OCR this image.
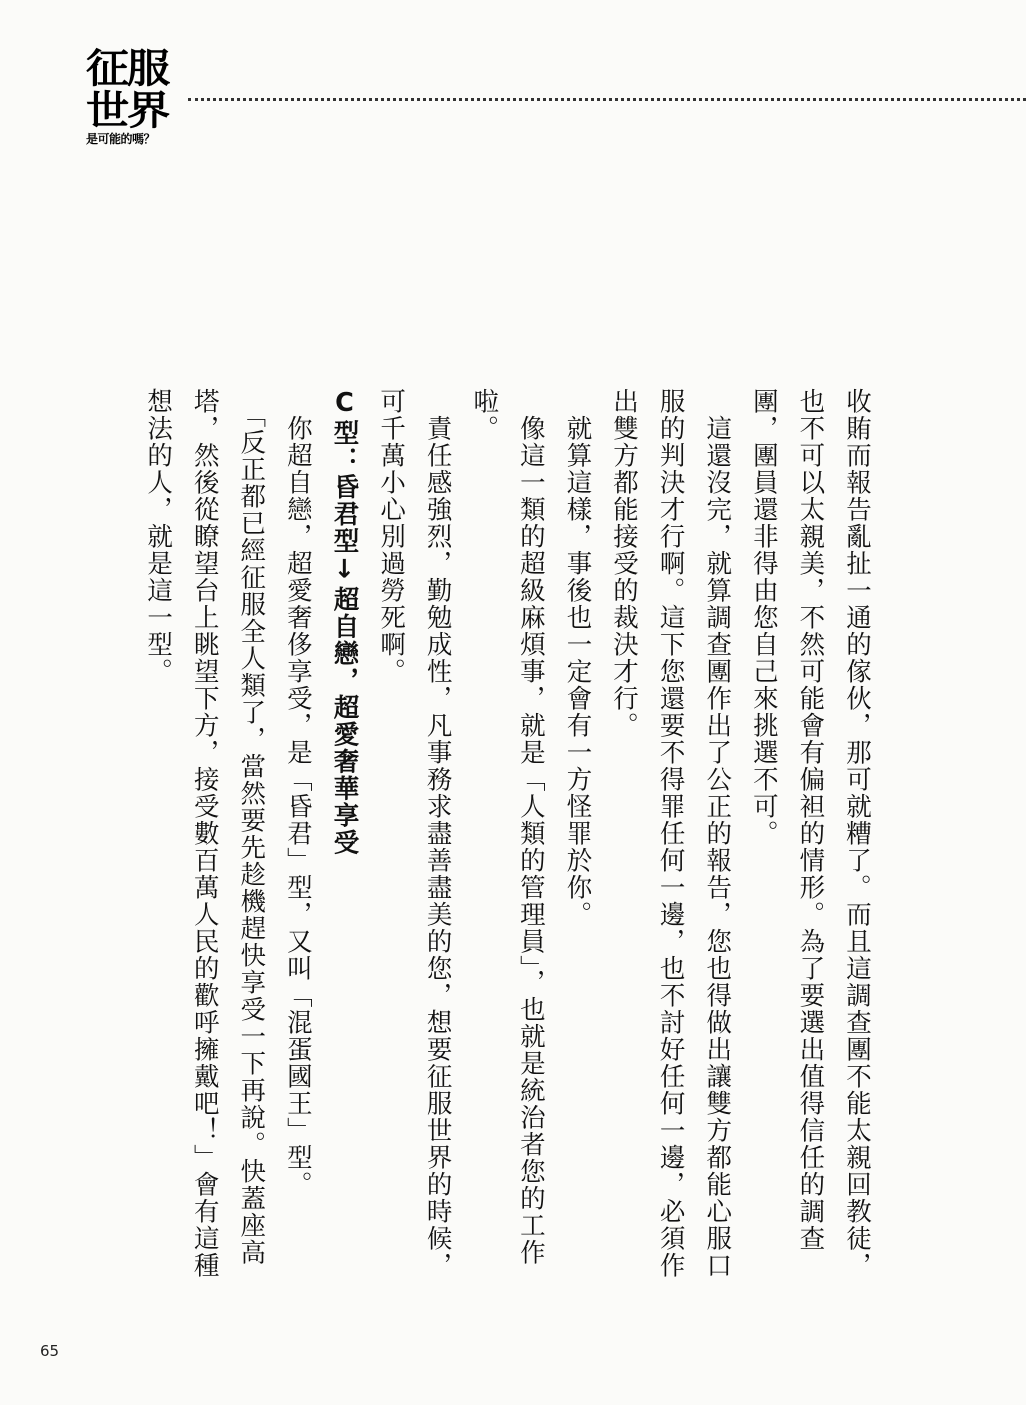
征服
世界
是可能的嗎？

收賄而報告亂扯一通的傢伙，那可就糟了。而且這調查團不能太親回教徒，

也不可以太親美，不然可能會有偏袒的情形。為了要選出值得信任的調查

團，團員還非得由您自己來挑選不可。

　這還沒完，就算調查團作出了公正的報告，您也得做出讓雙方都能心服口

服的判決才行啊。這下您還要不得罪任何一邊，也不討好任何一邊，必須作

出雙方都能接受的裁決才行。

　就算這樣，事後也一定會有一方怪罪於你。

　像這一類的超級麻煩事，就是「人類的管理員」，也就是統治者您的工作

啦。

　責任感強烈，勤勉成性，凡事務求盡善盡美的您，想要征服世界的時候，

可千萬小心別過勞死啊。

C型：昏君型↓超自戀，超愛奢華享受

　你超自戀，超愛奢侈享受，是「昏君」型，又叫「混蛋國王」型。

　「反正都已經征服全人類了，當然要先趁機趕快享受一下再說。快蓋座高

塔，然後從瞭望台上眺望下方，接受數百萬人民的歡呼擁戴吧！」會有這種

想法的人，就是這一型。

65
